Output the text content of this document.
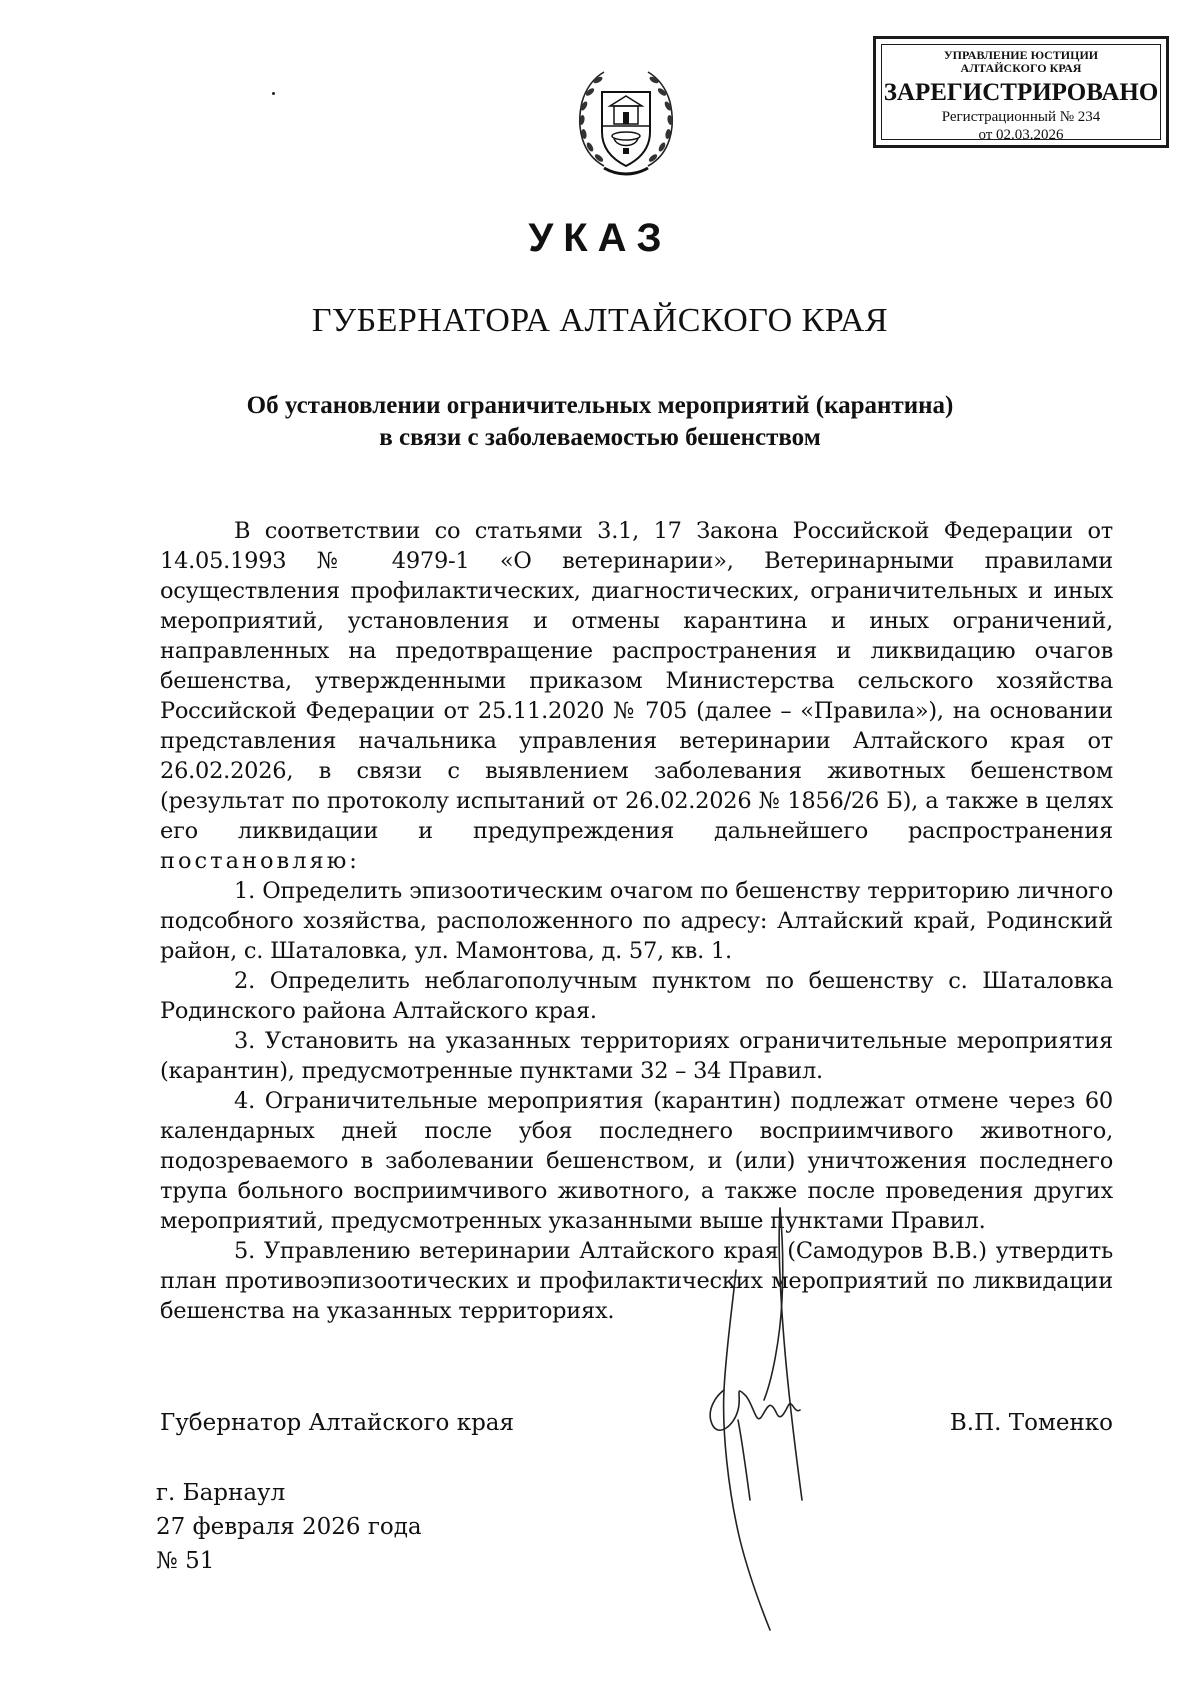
УПРАВЛЕНИЕ ЮСТИЦИИ
АЛТАЙСКОГО КРАЯ
ЗАРЕГИСТРИРОВАНО
Регистрационный № 234
от 02.03.2026
УКАЗ
ГУБЕРНАТОРА АЛТАЙСКОГО КРАЯ
Об установлении ограничительных мероприятий (карантина)
в связи с заболеваемостью бешенством

В соответствии со статьями 3.1, 17 Закона Российской Федерации от 14.05.1993 № 4979-1 «О ветеринарии», Ветеринарными правилами осуществления профилактических, диагностических, ограничительных и иных мероприятий, установления и отмены карантина и иных ограничений, направленных на предотвращение распространения и ликвидацию очагов бешенства, утвержденными приказом Министерства сельского хозяйства Российской Федерации от 25.11.2020 № 705 (далее – «Правила»), на основании представления начальника управления ветеринарии Алтайского края от 26.02.2026, в связи с выявлением заболевания животных бешенством (результат по протоколу испытаний от 26.02.2026 № 1856/26 Б), а также в целях его ликвидации и предупреждения дальнейшего распространения постановляю:

1. Определить эпизоотическим очагом по бешенству территорию личного подсобного хозяйства, расположенного по адресу: Алтайский край, Родинский район, с. Шаталовка, ул. Мамонтова, д. 57, кв. 1.

2. Определить неблагополучным пунктом по бешенству с. Шаталовка Родинского района Алтайского края.

3. Установить на указанных территориях ограничительные мероприятия (карантин), предусмотренные пунктами 32 – 34 Правил.

4. Ограничительные мероприятия (карантин) подлежат отмене через 60 календарных дней после убоя последнего восприимчивого животного, подозреваемого в заболевании бешенством, и (или) уничтожения последнего трупа больного восприимчивого животного, а также после проведения других мероприятий, предусмотренных указанными выше пунктами Правил.

5. Управлению ветеринарии Алтайского края (Самодуров В.В.) утвердить план противоэпизоотических и профилактических мероприятий по ликвидации бешенства на указанных территориях.

Губернатор Алтайского края	В.П. Томенко
г. Барнаул
27 февраля 2026 года
№ 51
